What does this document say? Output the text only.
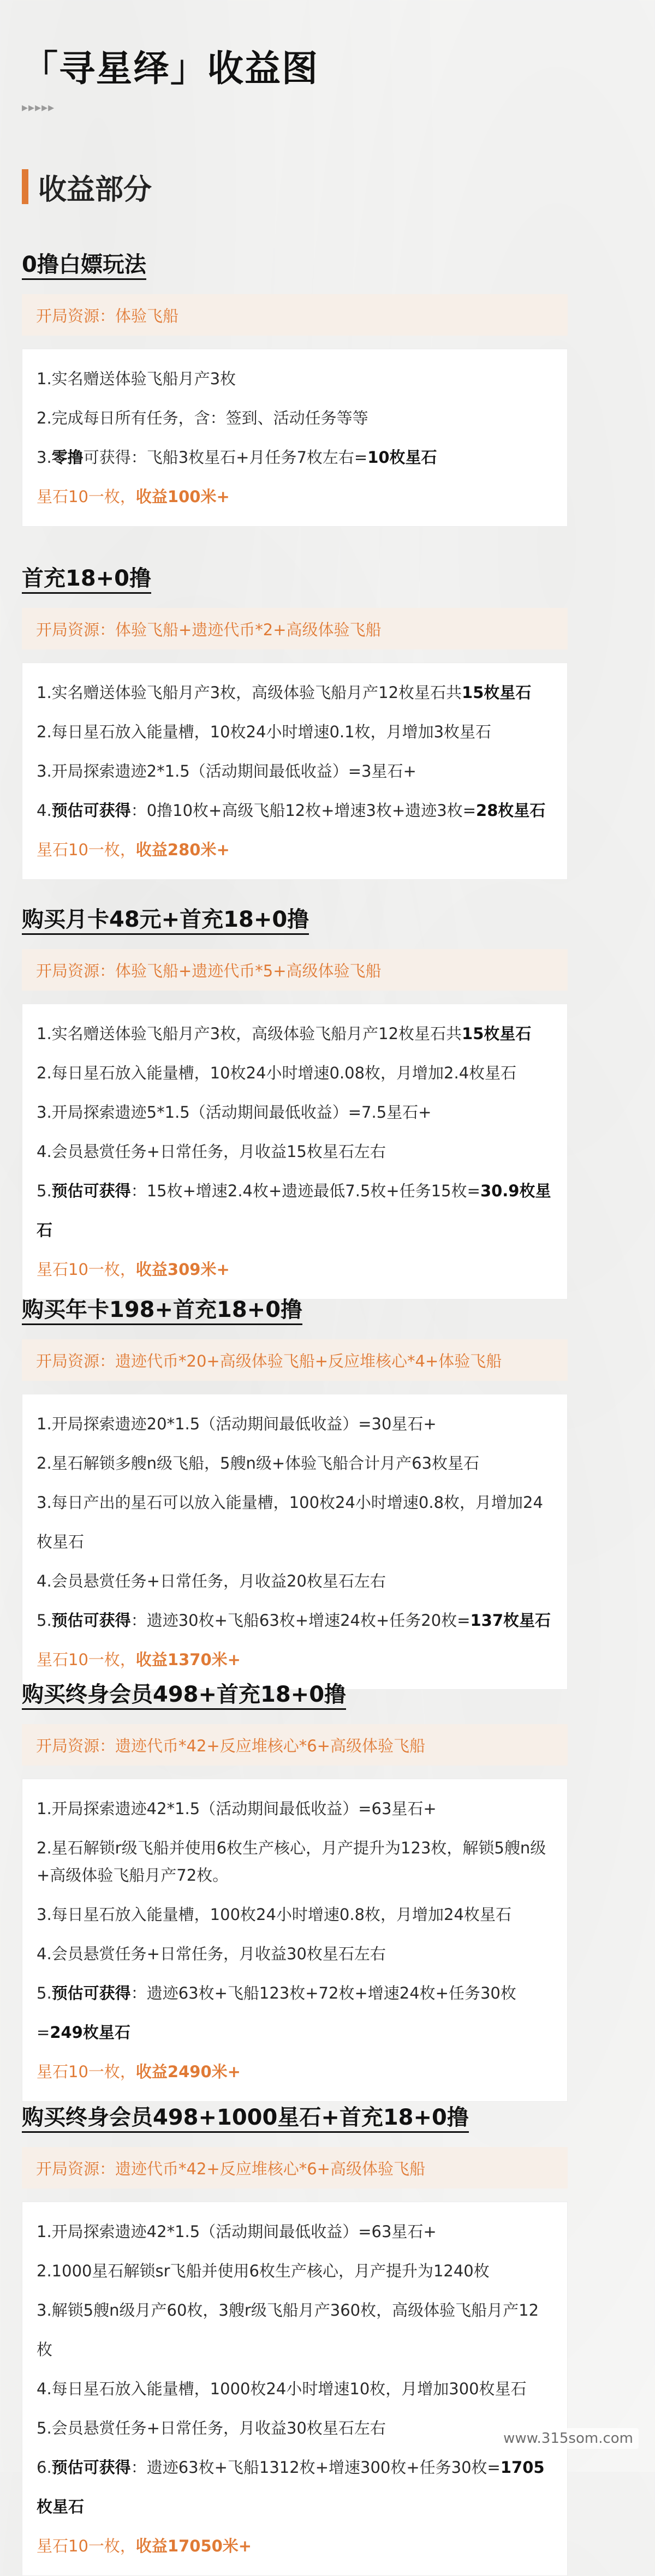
「寻星绎」收益图
▸▸▸▸▸
收益部分
0撸白嫖玩法
开局资源：体验飞船
1.实名赠送体验飞船月产3枚
2.完成每日所有任务，含：签到、活动任务等等
3.零撸可获得：飞船3枚星石+月任务7枚左右=10枚星石
星石10一枚，收益100米+
首充18+0撸
开局资源：体验飞船+遗迹代币*2+高级体验飞船
1.实名赠送体验飞船月产3枚，高级体验飞船月产12枚星石共15枚星石
2.每日星石放入能量槽，10枚24小时增速0.1枚，月增加3枚星石
3.开局探索遗迹2*1.5（活动期间最低收益）=3星石+
4.预估可获得：0撸10枚+高级飞船12枚+增速3枚+遗迹3枚=28枚星石
星石10一枚，收益280米+
购买月卡48元+首充18+0撸
开局资源：体验飞船+遗迹代币*5+高级体验飞船
1.实名赠送体验飞船月产3枚，高级体验飞船月产12枚星石共15枚星石
2.每日星石放入能量槽，10枚24小时增速0.08枚，月增加2.4枚星石
3.开局探索遗迹5*1.5（活动期间最低收益）=7.5星石+
4.会员悬赏任务+日常任务，月收益15枚星石左右
5.预估可获得：15枚+增速2.4枚+遗迹最低7.5枚+任务15枚=30.9枚星石
星石10一枚，收益309米+
购买年卡198+首充18+0撸
开局资源：遗迹代币*20+高级体验飞船+反应堆核心*4+体验飞船
1.开局探索遗迹20*1.5（活动期间最低收益）=30星石+
2.星石解锁多艘n级飞船，5艘n级+体验飞船合计月产63枚星石
3.每日产出的星石可以放入能量槽，100枚24小时增速0.8枚，月增加24枚星石
4.会员悬赏任务+日常任务，月收益20枚星石左右
5.预估可获得：遗迹30枚+飞船63枚+增速24枚+任务20枚=137枚星石
星石10一枚，收益1370米+
购买终身会员498+首充18+0撸
开局资源：遗迹代币*42+反应堆核心*6+高级体验飞船
1.开局探索遗迹42*1.5（活动期间最低收益）=63星石+
2.星石解锁r级飞船并使用6枚生产核心，月产提升为123枚，解锁5艘n级+高级体验飞船月产72枚。
3.每日星石放入能量槽，100枚24小时增速0.8枚，月增加24枚星石
4.会员悬赏任务+日常任务，月收益30枚星石左右
5.预估可获得：遗迹63枚+飞船123枚+72枚+增速24枚+任务30枚=249枚星石
星石10一枚，收益2490米+
购买终身会员498+1000星石+首充18+0撸
开局资源：遗迹代币*42+反应堆核心*6+高级体验飞船
1.开局探索遗迹42*1.5（活动期间最低收益）=63星石+
2.1000星石解锁sr飞船并使用6枚生产核心，月产提升为1240枚
3.解锁5艘n级月产60枚，3艘r级飞船月产360枚，高级体验飞船月产12枚
4.每日星石放入能量槽，1000枚24小时增速10枚，月增加300枚星石
5.会员悬赏任务+日常任务，月收益30枚星石左右
6.预估可获得：遗迹63枚+飞船1312枚+增速300枚+任务30枚=1705枚星石
星石10一枚，收益17050米+
www.315som.com
